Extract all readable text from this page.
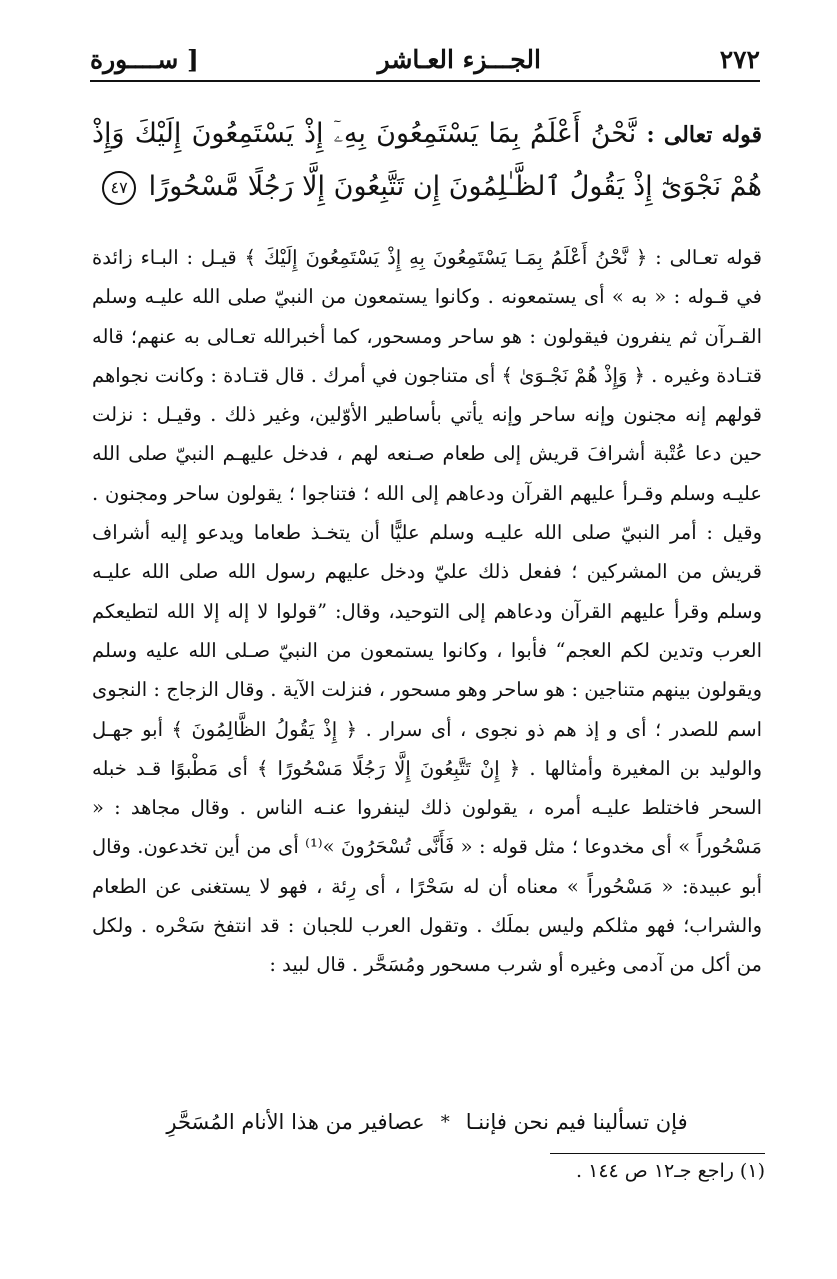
٢٧٢
الجـــزء العـاشر
[ ســــورة
قوله تعالى : نَّحْنُ أَعْلَمُ بِمَا يَسْتَمِعُونَ بِهِۦٓ إِذْ يَسْتَمِعُونَ إِلَيْكَ وَإِذْ هُمْ نَجْوَىٰٓ إِذْ يَقُولُ ٱلظَّـٰلِمُونَ إِن تَتَّبِعُونَ إِلَّا رَجُلًا مَّسْحُورًا ٤٧

قوله تعـالى : ﴿ نَّحْنُ أَعْلَمُ بِمَـا يَسْتَمِعُونَ بِهِ إِذْ يَسْتَمِعُونَ إِلَيْكَ ﴾ قيـل : البـاء زائدة في قـوله : « به » أى يستمعونه . وكانوا يستمعون من النبيّ صلى الله عليـه وسلم القـرآن ثم ينفرون فيقولون : هو ساحر ومسحور، كما أخبرالله تعـالى به عنهم؛ قاله قتـادة وغيره . ﴿ وَإِذْ هُمْ نَجْـوَىٰ ﴾ أى متناجون في أمرك . قال قتـادة : وكانت نجواهم قولهم إنه مجنون وإنه ساحر وإنه يأتي بأساطير الأوّلين، وغير ذلك . وقيـل : نزلت حين دعا عُتْبة أشرافَ قريش إلى طعام صـنعه لهم ، فدخل عليهـم النبيّ صلى الله عليـه وسلم وقـرأ عليهم القرآن ودعاهم إلى الله ؛ فتناجوا ؛ يقولون ساحر ومجنون . وقيل : أمر النبيّ صلى الله عليـه وسلم عليًّا أن يتخـذ طعاما ويدعو إليه أشراف قريش من المشركين ؛ ففعل ذلك عليّ ودخل عليهم رسول الله صلى الله عليـه وسلم وقرأ عليهم القرآن ودعاهم إلى التوحيد، وقال: ”قولوا لا إله إلا الله لتطيعكم العرب وتدين لكم العجم“ فأبوا ، وكانوا يستمعون من النبيّ صـلى الله عليه وسلم ويقولون بينهم متناجين : هو ساحر وهو مسحور ، فنزلت الآية . وقال الزجاج : النجوى اسم للصدر ؛ أى و إذ هم ذو نجوى ، أى سرار . ﴿ إِذْ يَقُولُ الظَّالِمُونَ ﴾ أبو جهـل والوليد بن المغيرة وأمثالها . ﴿ إِنْ تَتَّبِعُونَ إِلَّا رَجُلًا مَسْحُورًا ﴾ أى مَطْبوًا قـد خبله السحر فاختلط عليـه أمره ، يقولون ذلك لينفروا عنـه الناس . وقال مجاهد : « مَسْحُوراً » أى مخدوعا ؛ مثل قوله : « فَأَنَّى تُسْحَرُونَ »⁽¹⁾ أى من أين تخدعون. وقال أبو عبيدة: « مَسْحُوراً » معناه أن له سَحْرًا ، أى رِئة ، فهو لا يستغنى عن الطعام والشراب؛ فهو مثلكم وليس بملَك . وتقول العرب للجبان : قد انتفخ سَحْره . ولكل من أكل من آدمى وغيره أو شرب مسحور ومُسَحَّر . قال لبيد :

فإن تسألينا فيم نحن فإننـا
*
عصافير من هذا الأنام المُسَحَّرِ
(١) راجع جـ١٢ ص ١٤٤ .
